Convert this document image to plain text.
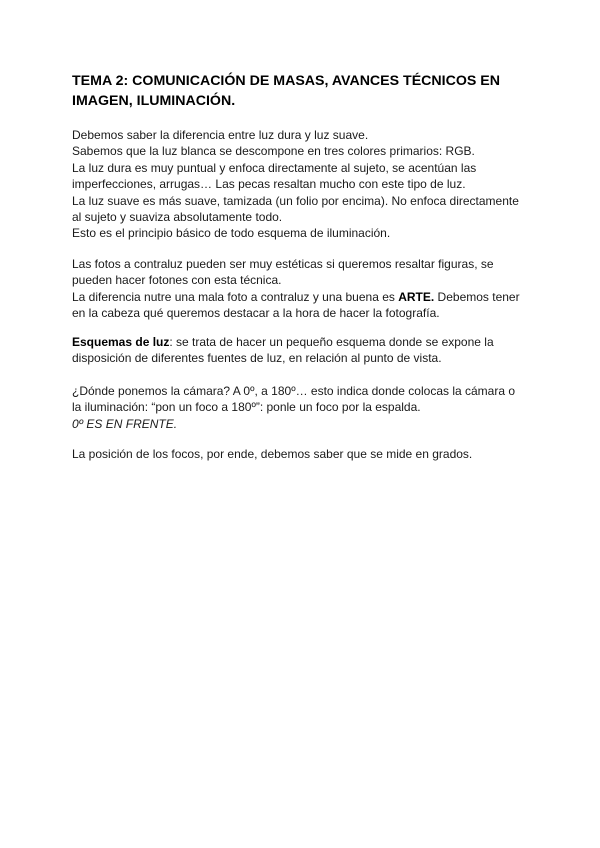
TEMA 2: COMUNICACIÓN DE MASAS, AVANCES TÉCNICOS EN IMAGEN, ILUMINACIÓN.

Debemos saber la diferencia entre luz dura y luz suave.
Sabemos que la luz blanca se descompone en tres colores primarios: RGB.
La luz dura es muy puntual y enfoca directamente al sujeto, se acentúan las
imperfecciones, arrugas… Las pecas resaltan mucho con este tipo de luz.
La luz suave es más suave, tamizada (un folio por encima). No enfoca directamente
al sujeto y suaviza absolutamente todo.
Esto es el principio básico de todo esquema de iluminación.

Las fotos a contraluz pueden ser muy estéticas si queremos resaltar figuras, se
pueden hacer fotones con esta técnica.
La diferencia nutre una mala foto a contraluz y una buena es ARTE. Debemos tener
en la cabeza qué queremos destacar a la hora de hacer la fotografía.

Esquemas de luz: se trata de hacer un pequeño esquema donde se expone la
disposición de diferentes fuentes de luz, en relación al punto de vista.

¿Dónde ponemos la cámara? A 0º, a 180º… esto indica donde colocas la cámara o
la iluminación: “pon un foco a 180º”: ponle un foco por la espalda.
0º ES EN FRENTE.

La posición de los focos, por ende, debemos saber que se mide en grados.
